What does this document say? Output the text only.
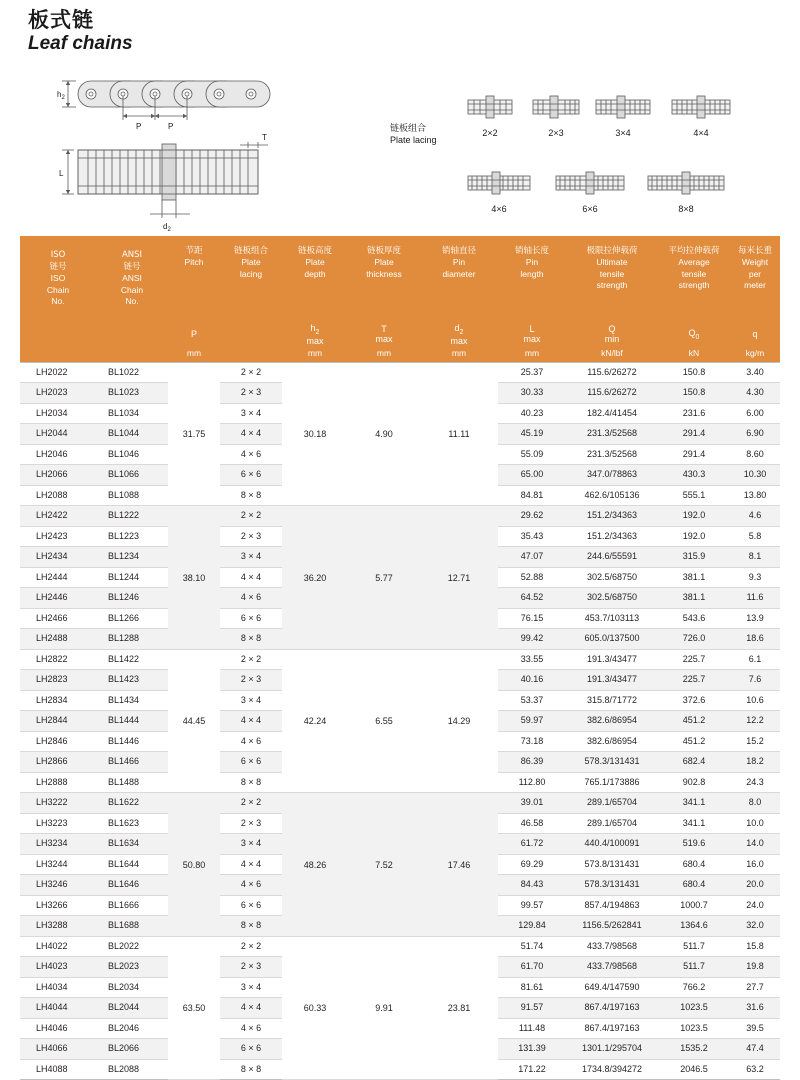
板式链
Leaf chains
$h_2$
P	P
L
T
$d_2$
链板组合
Plate lacing
2×2	2×3	3×4	4×4
4×6	6×6	8×8
ISO
链号
ISO
Chain
No.	ANSI
链号
ANSI
Chain
No.	节距
Pitch	链板组合
Plate
lacing	链板高度
Plate
depth	链板厚度
Plate
thickness	销轴直径
Pin
diameter	销轴长度
Pin
length	极限拉伸载荷
Ultimate
tensile
strength	平均拉伸载荷
Average
tensile
strength	每米长重
Weight
per
meter

		P		$h_2$
max	T
max	$d_2$
max	L
max	Q
min	$Q_0$	q
		mm		mm	mm	mm	mm	kN/lbf	kN	kg/m
LH2022	BL1022	31.75	2 × 2	30.18	4.90	11.11	25.37	115.6/26272	150.8	3.40
LH2023	BL1023		2 × 3				30.33	115.6/26272	150.8	4.30
LH2034	BL1034		3 × 4				40.23	182.4/41454	231.6	6.00
LH2044	BL1044		4 × 4				45.19	231.3/52568	291.4	6.90
LH2046	BL1046		4 × 6				55.09	231.3/52568	291.4	8.60
LH2066	BL1066		6 × 6				65.00	347.0/78863	430.3	10.30
LH2088	BL1088		8 × 8				84.81	462.6/105136	555.1	13.80
LH2422	BL1222	38.10	2 × 2	36.20	5.77	12.71	29.62	151.2/34363	192.0	4.6
LH2423	BL1223		2 × 3				35.43	151.2/34363	192.0	5.8
LH2434	BL1234		3 × 4				47.07	244.6/55591	315.9	8.1
LH2444	BL1244		4 × 4				52.88	302.5/68750	381.1	9.3
LH2446	BL1246		4 × 6				64.52	302.5/68750	381.1	11.6
LH2466	BL1266		6 × 6				76.15	453.7/103113	543.6	13.9
LH2488	BL1288		8 × 8				99.42	605.0/137500	726.0	18.6
LH2822	BL1422	44.45	2 × 2	42.24	6.55	14.29	33.55	191.3/43477	225.7	6.1
LH2823	BL1423		2 × 3				40.16	191.3/43477	225.7	7.6
LH2834	BL1434		3 × 4				53.37	315.8/71772	372.6	10.6
LH2844	BL1444		4 × 4				59.97	382.6/86954	451.2	12.2
LH2846	BL1446		4 × 6				73.18	382.6/86954	451.2	15.2
LH2866	BL1466		6 × 6				86.39	578.3/131431	682.4	18.2
LH2888	BL1488		8 × 8				112.80	765.1/173886	902.8	24.3
LH3222	BL1622	50.80	2 × 2	48.26	7.52	17.46	39.01	289.1/65704	341.1	8.0
LH3223	BL1623		2 × 3				46.58	289.1/65704	341.1	10.0
LH3234	BL1634		3 × 4				61.72	440.4/100091	519.6	14.0
LH3244	BL1644		4 × 4				69.29	573.8/131431	680.4	16.0
LH3246	BL1646		4 × 6				84.43	578.3/131431	680.4	20.0
LH3266	BL1666		6 × 6				99.57	857.4/194863	1000.7	24.0
LH3288	BL1688		8 × 8				129.84	1156.5/262841	1364.6	32.0
LH4022	BL2022	63.50	2 × 2	60.33	9.91	23.81	51.74	433.7/98568	511.7	15.8
LH4023	BL2023		2 × 3				61.70	433.7/98568	511.7	19.8
LH4034	BL2034		3 × 4				81.61	649.4/147590	766.2	27.7
LH4044	BL2044		4 × 4				91.57	867.4/197163	1023.5	31.6
LH4046	BL2046		4 × 6				111.48	867.4/197163	1023.5	39.5
LH4066	BL2066		6 × 6				131.39	1301.1/295704	1535.2	47.4
LH4088	BL2088		8 × 8				171.22	1734.8/394272	2046.5	63.2
